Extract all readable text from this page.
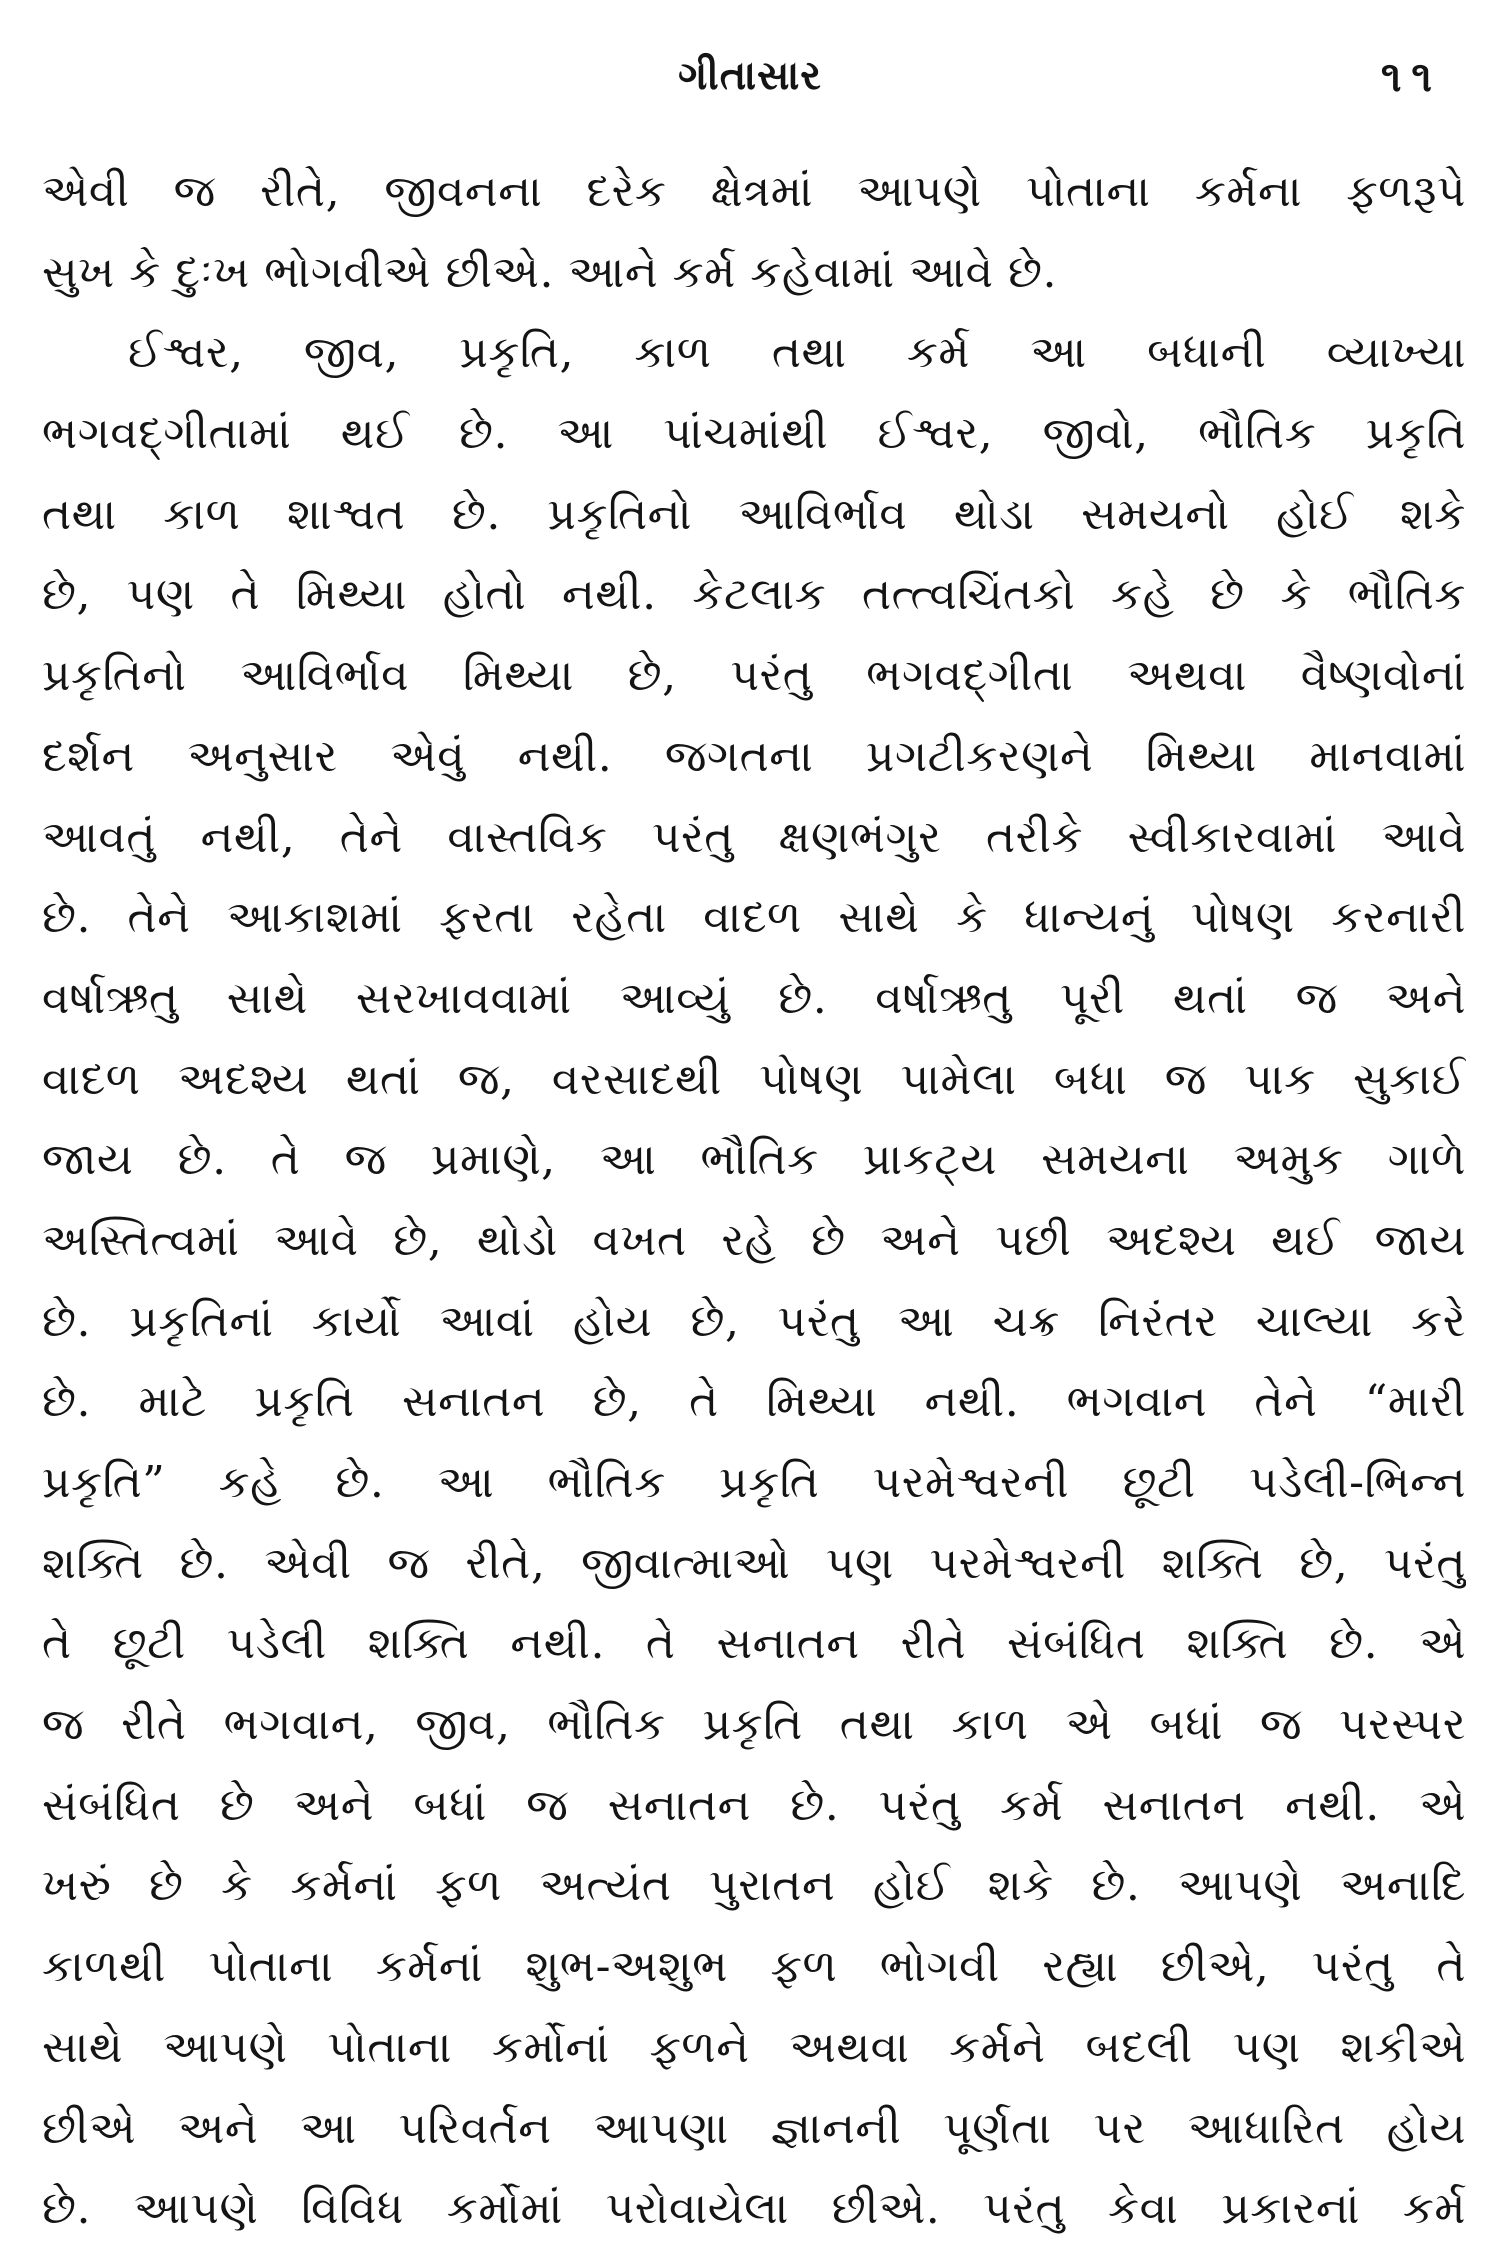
ગીતાસાર	૧૧
એવી જ રીતે, જીવનના દરેક ક્ષેત્રમાં આપણે પોતાના કર્મના ફળરૂપે
સુખ કે દુઃખ ભોગવીએ છીએ. આને કર્મ કહેવામાં આવે છે.
ઈશ્વર, જીવ, પ્રકૃતિ, કાળ તથા કર્મ આ બધાની વ્યાખ્યા
ભગવદ્ગીતામાં થઈ છે. આ પાંચમાંથી ઈશ્વર, જીવો, ભૌતિક પ્રકૃતિ
તથા કાળ શાશ્વત છે. પ્રકૃતિનો આવિર્ભાવ થોડા સમયનો હોઈ શકે
છે, પણ તે મિથ્યા હોતો નથી. કેટલાક તત્ત્વચિંતકો કહે છે કે ભૌતિક
પ્રકૃતિનો આવિર્ભાવ મિથ્યા છે, પરંતુ ભગવદ્ગીતા અથવા વૈષ્ણવોનાં
દર્શન અનુસાર એવું નથી. જગતના પ્રગટીકરણને મિથ્યા માનવામાં
આવતું નથી, તેને વાસ્તવિક પરંતુ ક્ષણભંગુર તરીકે સ્વીકારવામાં આવે
છે. તેને આકાશમાં ફરતા રહેતા વાદળ સાથે કે ધાન્યનું પોષણ કરનારી
વર્ષાઋતુ સાથે સરખાવવામાં આવ્યું છે. વર્ષાઋતુ પૂરી થતાં જ અને
વાદળ અદશ્ય થતાં જ, વરસાદથી પોષણ પામેલા બધા જ પાક સુકાઈ
જાય છે. તે જ પ્રમાણે, આ ભૌતિક પ્રાકટ્ય સમયના અમુક ગાળે
અસ્તિત્વમાં આવે છે, થોડો વખત રહે છે અને પછી અદશ્ય થઈ જાય
છે. પ્રકૃતિનાં કાર્યો આવાં હોય છે, પરંતુ આ ચક્ર નિરંતર ચાલ્યા કરે
છે. માટે પ્રકૃતિ સનાતન છે, તે મિથ્યા નથી. ભગવાન તેને “મારી
પ્રકૃતિ” કહે છે. આ ભૌતિક પ્રકૃતિ પરમેશ્વરની છૂટી પડેલી-ભિન્ન
શક્તિ છે. એવી જ રીતે, જીવાત્માઓ પણ પરમેશ્વરની શક્તિ છે, પરંતુ
તે છૂટી પડેલી શક્તિ નથી. તે સનાતન રીતે સંબંધિત શક્તિ છે. એ
જ રીતે ભગવાન, જીવ, ભૌતિક પ્રકૃતિ તથા કાળ એ બધાં જ પરસ્પર
સંબંધિત છે અને બધાં જ સનાતન છે. પરંતુ કર્મ સનાતન નથી. એ
ખરું છે કે કર્મનાં ફળ અત્યંત પુરાતન હોઈ શકે છે. આપણે અનાદિ
કાળથી પોતાના કર્મનાં શુભ-અશુભ ફળ ભોગવી રહ્યા છીએ, પરંતુ તે
સાથે આપણે પોતાના કર્મોનાં ફળને અથવા કર્મને બદલી પણ શકીએ
છીએ અને આ પરિવર્તન આપણા જ્ઞાનની પૂર્ણતા પર આધારિત હોય
છે. આપણે વિવિધ કર્મોમાં પરોવાયેલા છીએ. પરંતુ કેવા પ્રકારનાં કર્મ
